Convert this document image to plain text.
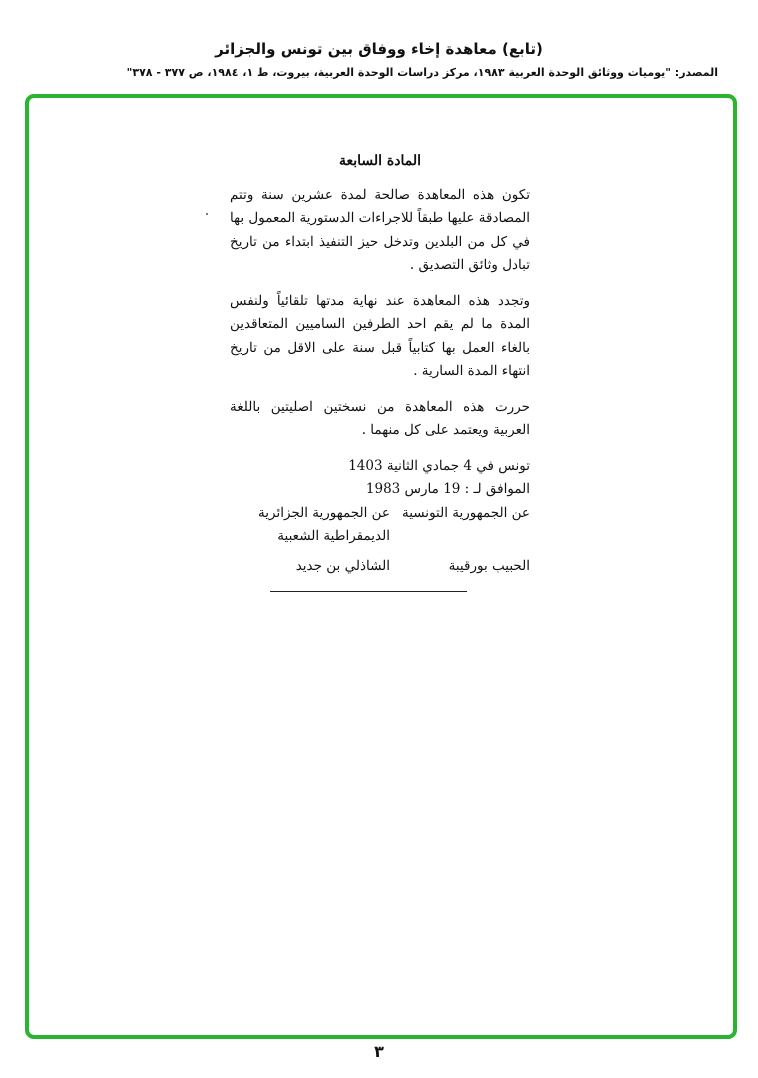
(تابع) معاهدة إخاء ووفاق بين تونس والجزائر
المصدر: "يوميات ووثائق الوحدة العربية ١٩٨٣، مركز دراسات الوحدة العربية، بيروت، ط ١، ١٩٨٤، ص ٣٧٧ - ٣٧٨"

المادة السابعة

تكون هذه المعاهدة صالحة لمدة عشرين سنة وتتم المصادقة عليها طبقاً للاجراءات الدستورية المعمول بها في كل من البلدين وتدخل حيز التنفيذ ابتداء من تاريخ تبادل وثائق التصديق .

وتجدد هذه المعاهدة عند نهاية مدتها تلقائياً ولنفس المدة ما لم يقم احد الطرفين الساميين المتعاقدين بالغاء العمل بها كتابياً قبل سنة على الاقل من تاريخ انتهاء المدة السارية .

حررت هذه المعاهدة من نسختين اصليتين باللغة العربية ويعتمد على كل منهما .

تونس في 4 جمادي الثانية 1403

الموافق لـ : 19 مارس 1983

عن الجمهورية التونسية
عن الجمهورية الجزائرية الديمقراطية الشعبية
الحبيب بورقيبة
الشاذلي بن جديد
٣
